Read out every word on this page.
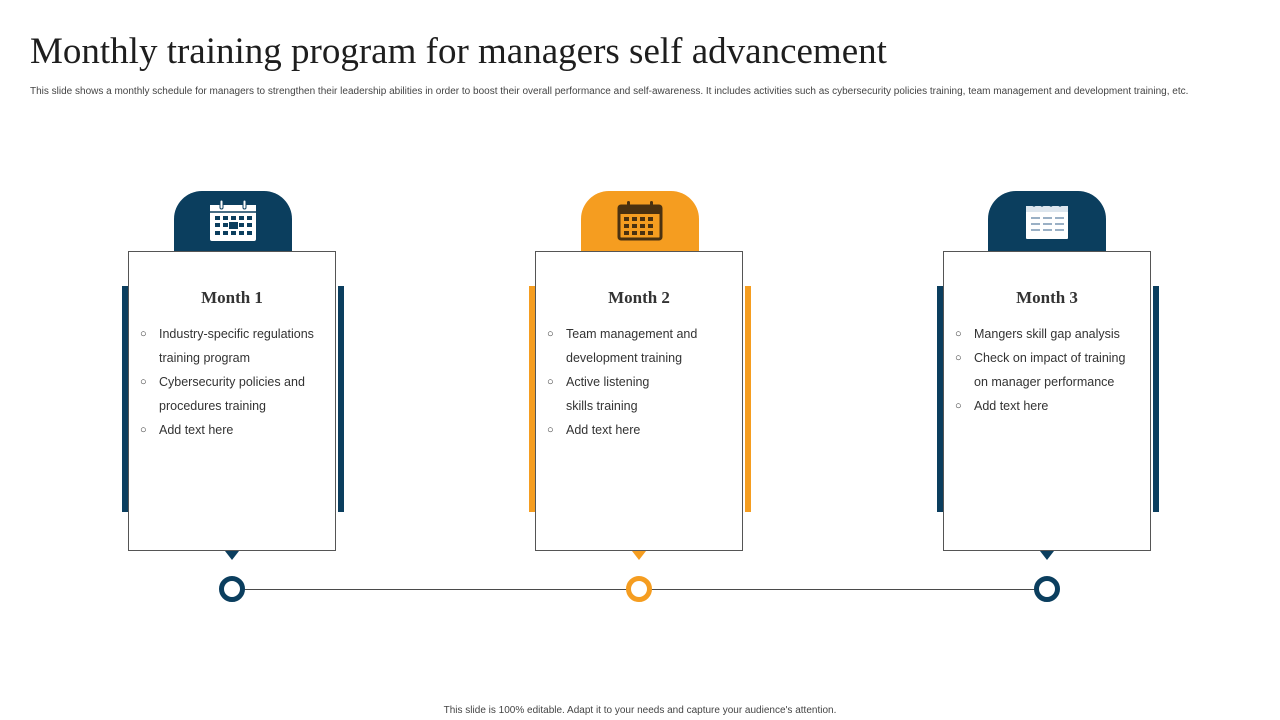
Monthly training program for managers self advancement
This slide shows a monthly schedule for managers to strengthen their leadership abilities in order to boost their overall performance and self-awareness. It includes activities such as cybersecurity policies training, team management and development training, etc.
Month 1
○ Industry-specific regulations training program
○ Cybersecurity policies and procedures training
○ Add text here
Month 2
○ Team management and development training
○ Active listening skills training
○ Add text here
Month 3
○ Mangers skill gap analysis
○ Check on impact of training on manager performance
○ Add text here
This slide is 100% editable. Adapt it to your needs and capture your audience's attention.
